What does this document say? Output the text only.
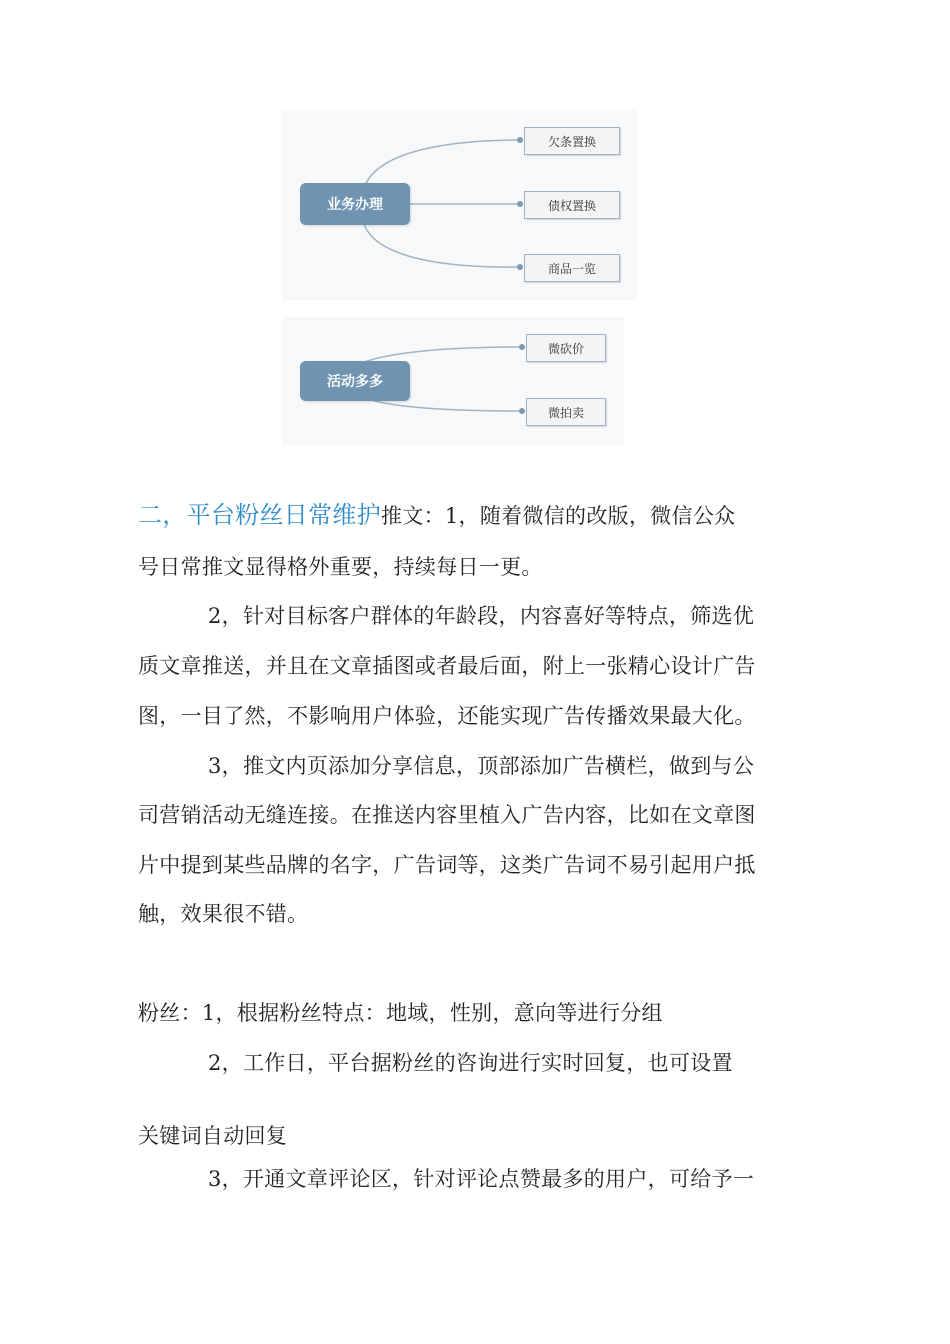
业务办理
欠条置换
债权置换
商品一览
活动多多
微砍价
微拍卖
二，平台粉丝日常维护推文：1，随着微信的改版，微信公众
号日常推文显得格外重要，持续每日一更。
2，针对目标客户群体的年龄段，内容喜好等特点，筛选优
质文章推送，并且在文章插图或者最后面，附上一张精心设计广告
图，一目了然，不影响用户体验，还能实现广告传播效果最大化。
3，推文内页添加分享信息，顶部添加广告横栏，做到与公
司营销活动无缝连接。在推送内容里植入广告内容，比如在文章图
片中提到某些品牌的名字，广告词等，这类广告词不易引起用户抵
触，效果很不错。
粉丝：1，根据粉丝特点：地域，性别，意向等进行分组
2，工作日，平台据粉丝的咨询进行实时回复，也可设置
关键词自动回复
3，开通文章评论区，针对评论点赞最多的用户，可给予一
